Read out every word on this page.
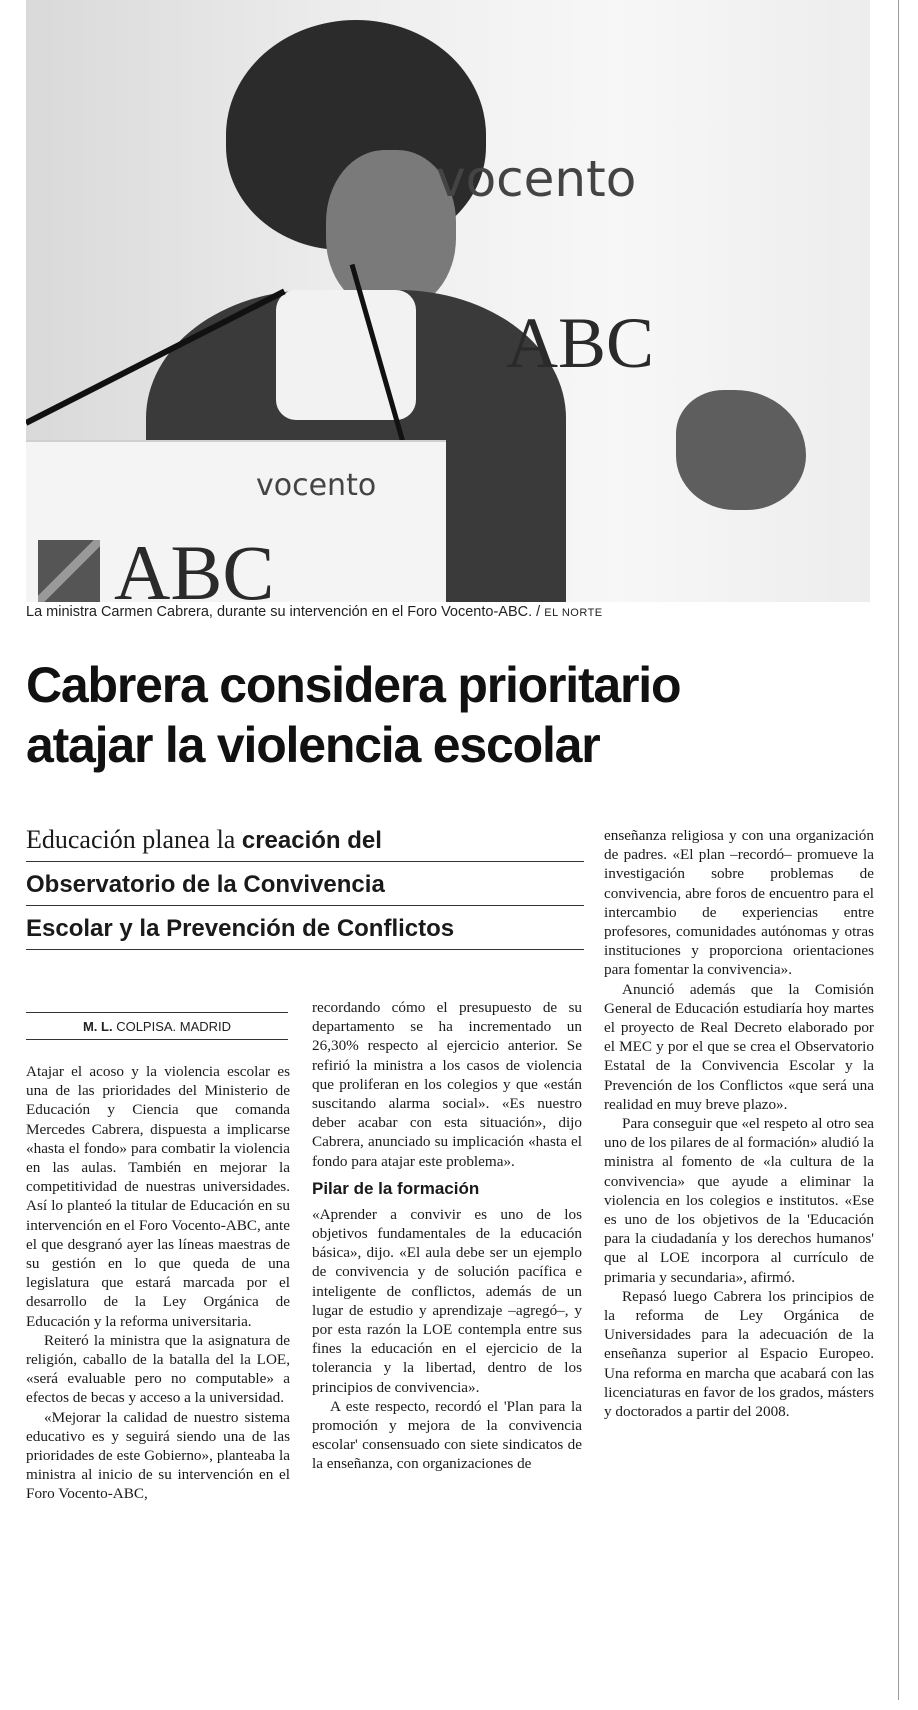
vocento
ABC
vocento
ABC
La ministra Carmen Cabrera, durante su intervención en el Foro Vocento-ABC. / EL NORTE
Cabrera considera prioritario
atajar la violencia escolar
Educación planea la creación del
Observatorio de la Convivencia
Escolar y la Prevención de Conflictos
M. L. COLPISA. MADRID

Atajar el acoso y la violencia escolar es una de las prioridades del Ministerio de Educación y Ciencia que comanda Mercedes Cabrera, dispuesta a implicarse «hasta el fondo» para combatir la violencia en las aulas. También en mejorar la competitividad de nuestras universidades. Así lo planteó la titular de Educación en su intervención en el Foro Vocento-ABC, ante el que desgranó ayer las líneas maestras de su gestión en lo que queda de una legislatura que estará marcada por el desarrollo de la Ley Orgánica de Educación y la reforma universitaria.

Reiteró la ministra que la asignatura de religión, caballo de la batalla del la LOE, «será evaluable pero no computable» a efectos de becas y acceso a la universidad.

«Mejorar la calidad de nuestro sistema educativo es y seguirá siendo una de las prioridades de este Gobierno», planteaba la ministra al inicio de su intervención en el Foro Vocento-ABC,

recordando cómo el presupuesto de su departamento se ha incrementado un 26,30% respecto al ejercicio anterior. Se refirió la ministra a los casos de violencia que proliferan en los colegios y que «están suscitando alarma social». «Es nuestro deber acabar con esta situación», dijo Cabrera, anunciado su implicación «hasta el fondo para atajar este problema».

Pilar de la formación

«Aprender a convivir es uno de los objetivos fundamentales de la educación básica», dijo. «El aula debe ser un ejemplo de convivencia y de solución pacífica e inteligente de conflictos, además de un lugar de estudio y aprendizaje –agregó–, y por esta razón la LOE contempla entre sus fines la educación en el ejercicio de la tolerancia y la libertad, dentro de los principios de convivencia».

A este respecto, recordó el 'Plan para la promoción y mejora de la convivencia escolar' consensuado con siete sindicatos de la enseñanza, con organizaciones de

enseñanza religiosa y con una organización de padres. «El plan –recordó– promueve la investigación sobre problemas de convivencia, abre foros de encuentro para el intercambio de experiencias entre profesores, comunidades autónomas y otras instituciones y proporciona orientaciones para fomentar la convivencia».

Anunció además que la Comisión General de Educación estudiaría hoy martes el proyecto de Real Decreto elaborado por el MEC y por el que se crea el Observatorio Estatal de la Convivencia Escolar y la Prevención de los Conflictos «que será una realidad en muy breve plazo».

Para conseguir que «el respeto al otro sea uno de los pilares de al formación» aludió la ministra al fomento de «la cultura de la convivencia» que ayude a eliminar la violencia en los colegios e institutos. «Ese es uno de los objetivos de la 'Educación para la ciudadanía y los derechos humanos' que al LOE incorpora al currículo de primaria y secundaria», afirmó.

Repasó luego Cabrera los principios de la reforma de Ley Orgánica de Universidades para la adecuación de la enseñanza superior al Espacio Europeo. Una reforma en marcha que acabará con las licenciaturas en favor de los grados, másters y doctorados a partir del 2008.
